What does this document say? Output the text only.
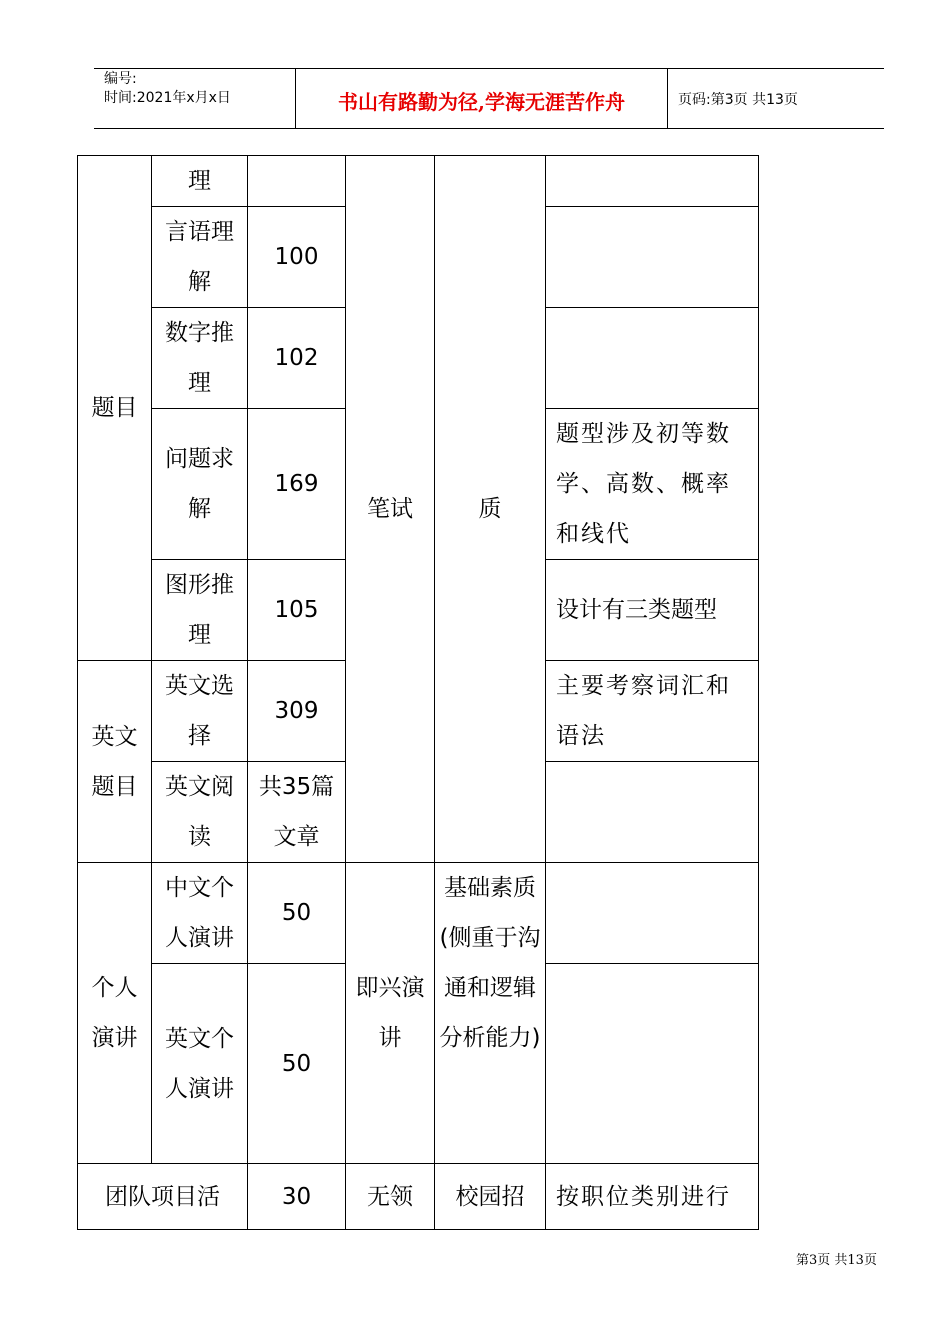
编号:
时间:2021年x月x日	书山有路勤为径,学海无涯苦作舟	页码:第3页 共13页
题目	理		笔试	质	
	言语理解	100			
	数字推理	102			
	问题求解	169			题型涉及初等数学、高数、概率和线代
	图形推理	105			设计有三类题型
英文题目	英文选择	309			主要考察词汇和语法
	英文阅读	共35篇文章			
个人演讲	中文个人演讲	50	即兴演讲	基础素质(侧重于沟通和逻辑分析能力)	
	英文个人演讲	50			
团队项目活		30	无领	校园招	按职位类别进行
第3页 共13页
